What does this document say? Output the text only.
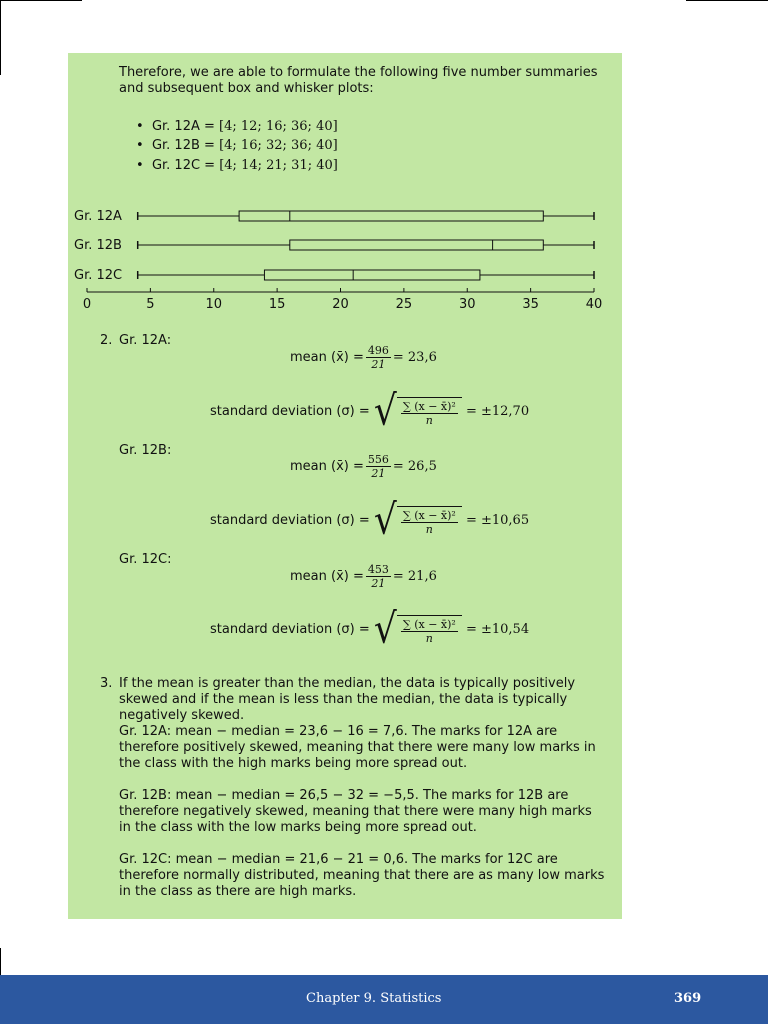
Therefore, we are able to formulate the following five number summaries and subsequent box and whisker plots:
• Gr. 12A = [4; 12; 16; 36; 40]
• Gr. 12B = [4; 16; 32; 36; 40]
• Gr. 12C = [4; 14; 21; 31; 40]
Gr. 12A
Gr. 12B
Gr. 12C
0	5	10	15	20	25	30	35	40
2. Gr. 12A:
mean (x̄) = $\frac{496}{21} = 23,6$
standard deviation (σ) =
√ $\frac{\text{∑ (x − x̄)²}}{n}$
= ±12,70
Gr. 12B:
mean (x̄) = $\frac{556}{21} = 26,5$
standard deviation (σ) =
√ $\frac{\text{∑ (x − x̄)²}}{n}$
= ±10,65
Gr. 12C:
mean (x̄) = $\frac{453}{21} = 21,6$
standard deviation (σ) =
√ $\frac{\text{∑ (x − x̄)²}}{n}$
= ±10,54
3. If the mean is greater than the median, the data is typically positively skewed and if the mean is less than the median, the data is typically negatively skewed.
Gr. 12A: mean − median = 23,6 − 16 = 7,6. The marks for 12A are therefore positively skewed, meaning that there were many low marks in the class with the high marks being more spread out.
Gr. 12B: mean − median = 26,5 − 32 = −5,5. The marks for 12B are therefore negatively skewed, meaning that there were many high marks in the class with the low marks being more spread out.
Gr. 12C: mean − median = 21,6 − 21 = 0,6. The marks for 12C are therefore normally distributed, meaning that there are as many low marks in the class as there are high marks.
Chapter 9. Statistics	369
